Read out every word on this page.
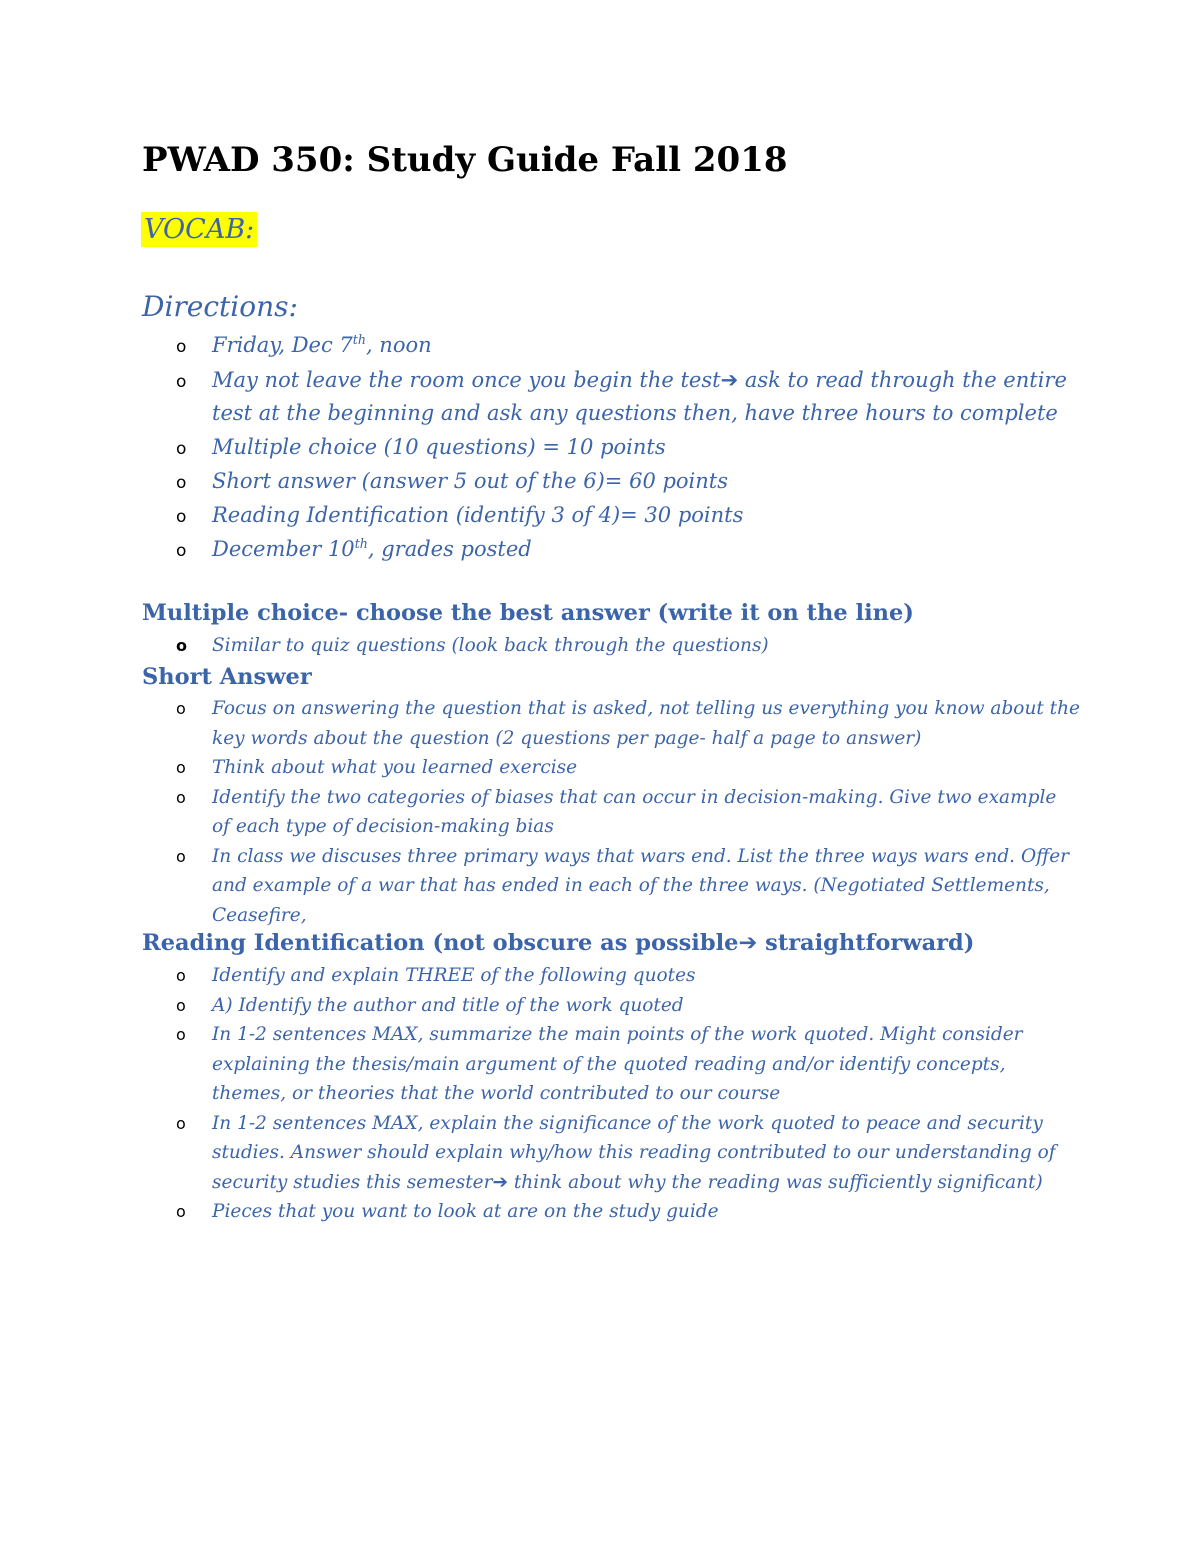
PWAD 350: Study Guide Fall 2018
VOCAB:
Directions:
o Friday, Dec 7th, noon
o May not leave the room once you begin the test➔ ask to read through the entire test at the beginning and ask any questions then, have three hours to complete
o Multiple choice (10 questions) = 10 points
o Short answer (answer 5 out of the 6)= 60 points
o Reading Identification (identify 3 of 4)= 30 points
o December 10th, grades posted
Multiple choice- choose the best answer (write it on the line)
o Similar to quiz questions (look back through the questions)
Short Answer
o Focus on answering the question that is asked, not telling us everything you know about the key words about the question (2 questions per page- half a page to answer)
o Think about what you learned exercise
o Identify the two categories of biases that can occur in decision-making. Give two example of each type of decision-making bias
o In class we discuses three primary ways that wars end. List the three ways wars end. Offer and example of a war that has ended in each of the three ways. (Negotiated Settlements, Ceasefire,
Reading Identification (not obscure as possible➔ straightforward)
o Identify and explain THREE of the following quotes
o A) Identify the author and title of the work quoted
o In 1-2 sentences MAX, summarize the main points of the work quoted. Might consider explaining the thesis/main argument of the quoted reading and/or identify concepts, themes, or theories that the world contributed to our course
o In 1-2 sentences MAX, explain the significance of the work quoted to peace and security studies. Answer should explain why/how this reading contributed to our understanding of security studies this semester➔ think about why the reading was sufficiently significant)
o Pieces that you want to look at are on the study guide
